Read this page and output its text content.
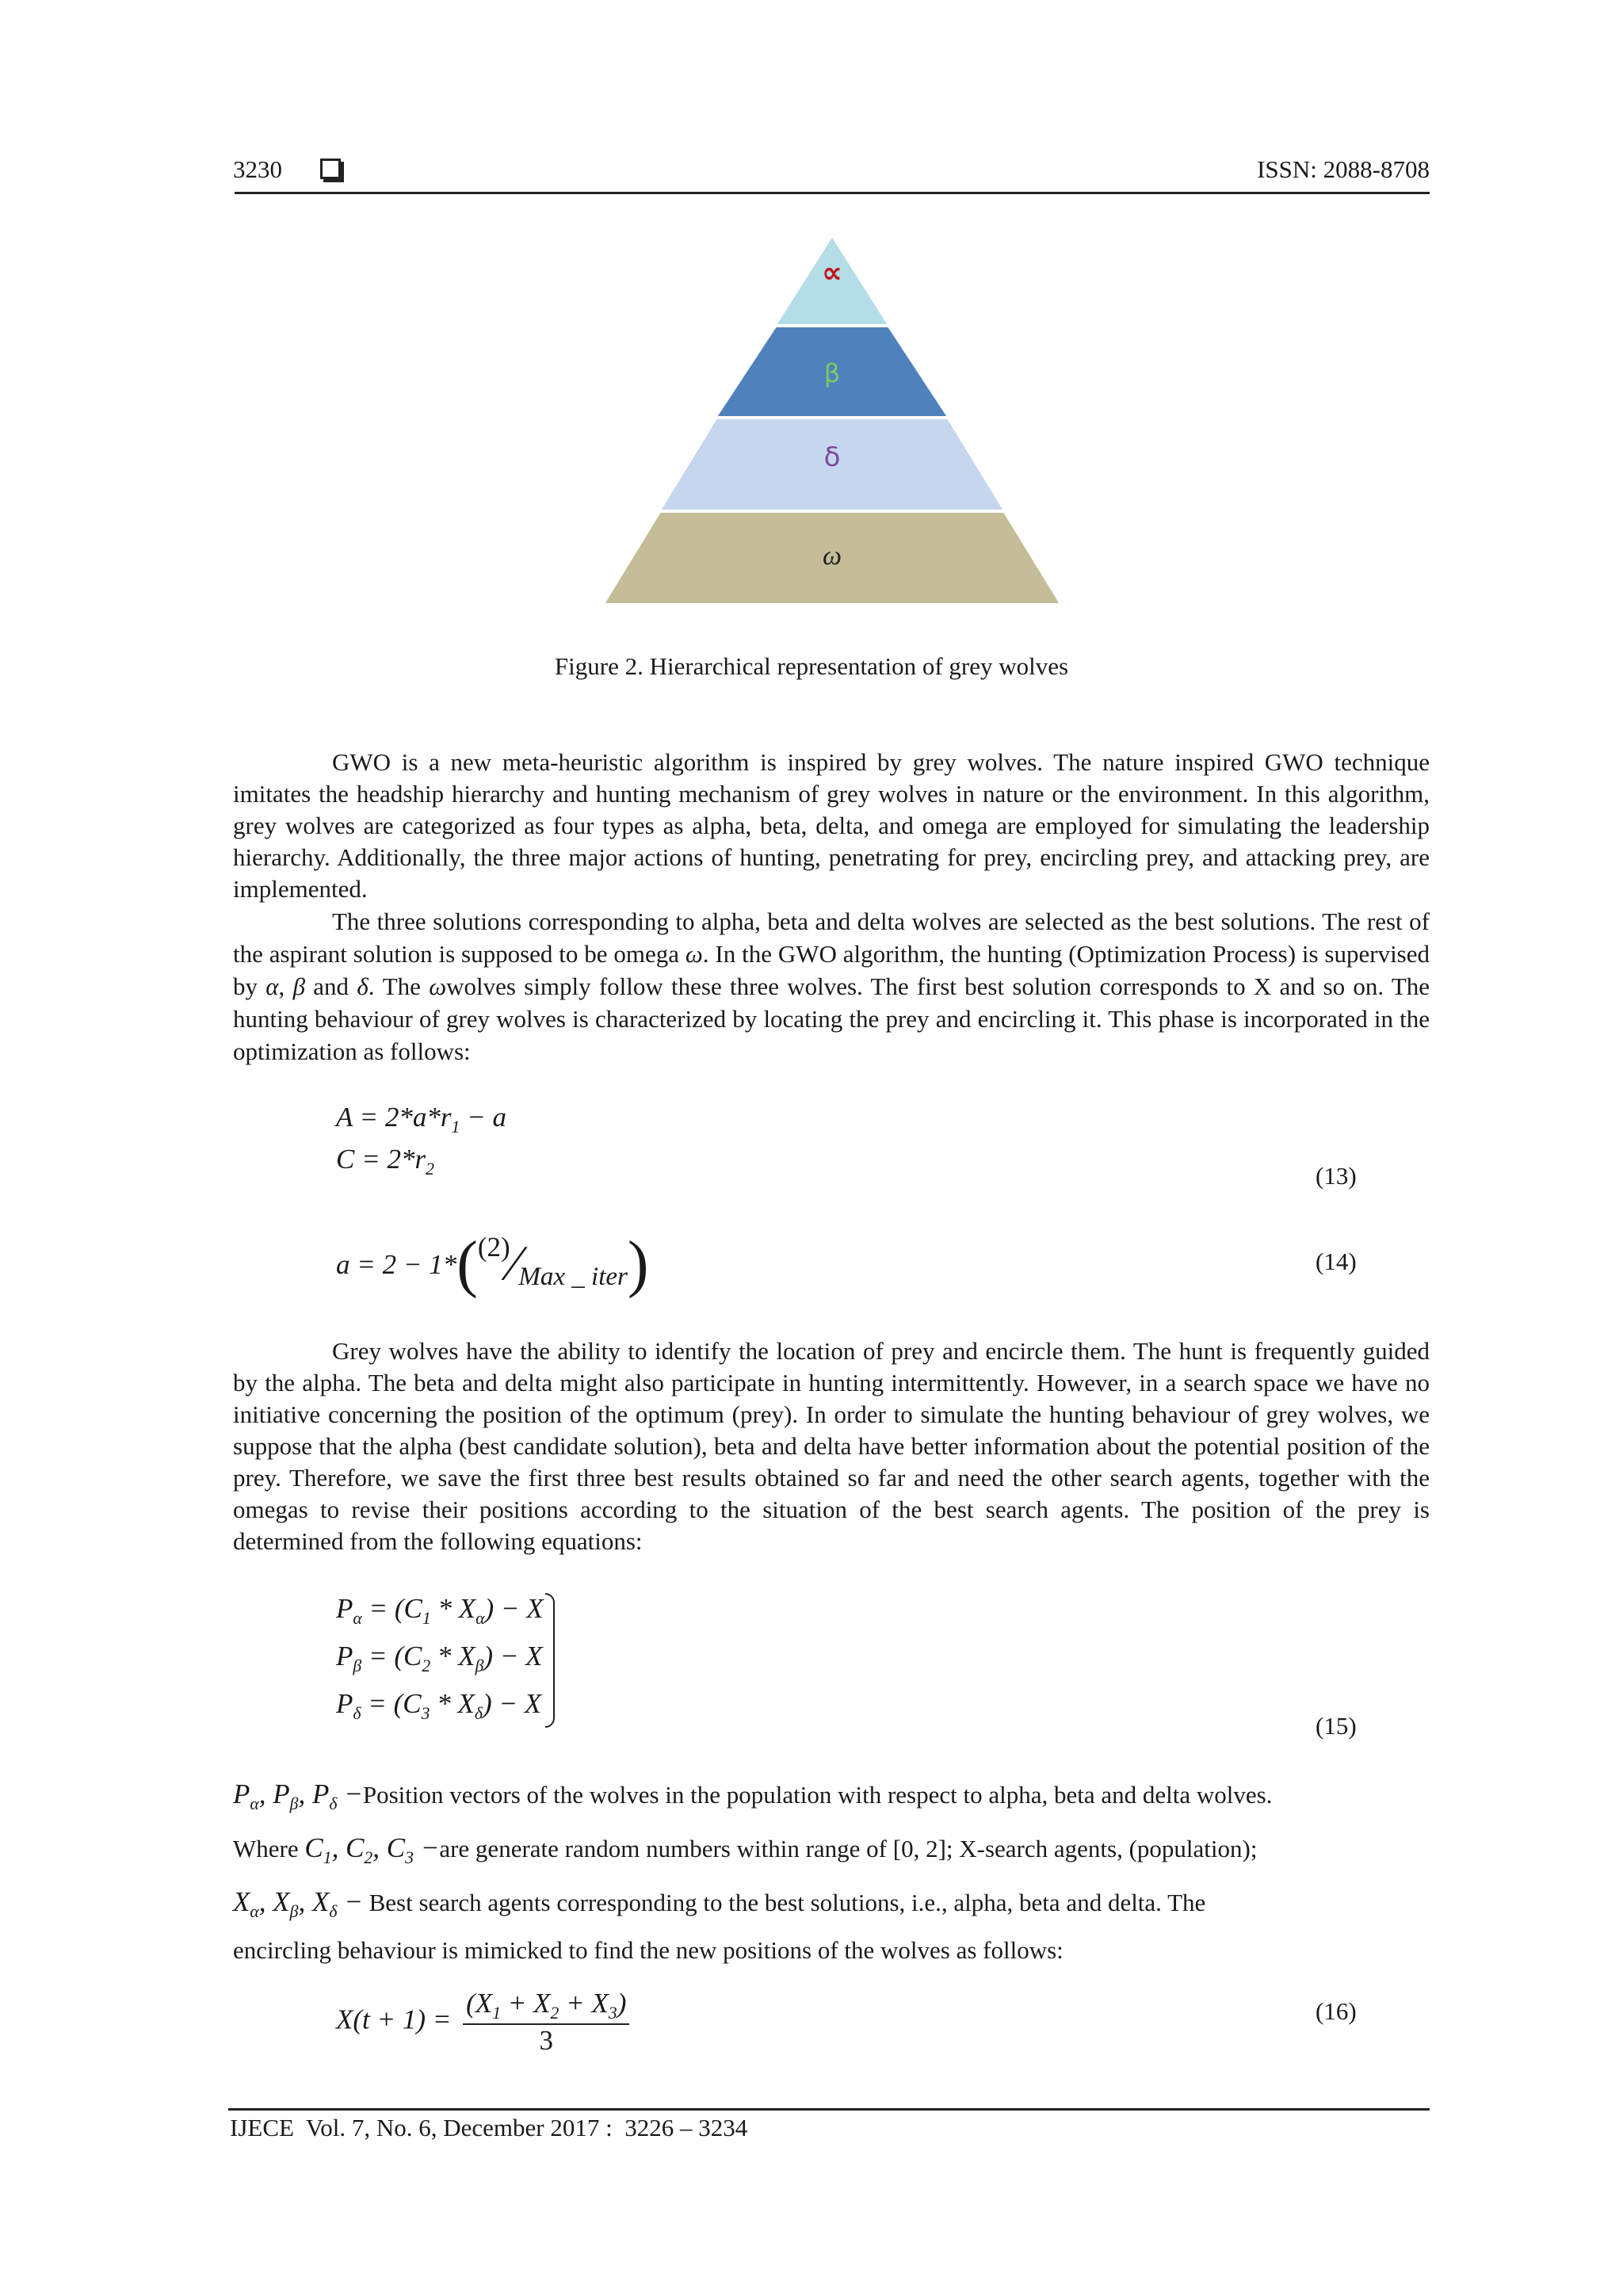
3230	ISSN: 2088-8708
∝
β
δ
ω
Figure 2. Hierarchical representation of grey wolves

GWO is a new meta-heuristic algorithm is inspired by grey wolves. The nature inspired GWO technique imitates the headship hierarchy and hunting mechanism of grey wolves in nature or the environment. In this algorithm, grey wolves are categorized as four types as alpha, beta, delta, and omega are employed for simulating the leadership hierarchy. Additionally, the three major actions of hunting, penetrating for prey, encircling prey, and attacking prey, are implemented.

The three solutions corresponding to alpha, beta and delta wolves are selected as the best solutions. The rest of the aspirant solution is supposed to be omega ω. In the GWO algorithm, the hunting (Optimization Process) is supervised by α, β and δ. The ωwolves simply follow these three wolves. The first best solution corresponds to X and so on. The hunting behaviour of grey wolves is characterized by locating the prey and encircling it. This phase is incorporated in the optimization as follows:

$A = 2*a*r_1 - a$
$C = 2*r_2$	(13)
a = 2 − 1*((2)⁄Max _ iter)	(14)

Grey wolves have the ability to identify the location of prey and encircle them. The hunt is frequently guided by the alpha. The beta and delta might also participate in hunting intermittently. However, in a search space we have no initiative concerning the position of the optimum (prey). In order to simulate the hunting behaviour of grey wolves, we suppose that the alpha (best candidate solution), beta and delta have better information about the potential position of the prey. Therefore, we save the first three best results obtained so far and need the other search agents, together with the omegas to revise their positions according to the situation of the best search agents. The position of the prey is determined from the following equations:

$P_\alpha = (C_1 * X_\alpha) - X$
$P_\beta = (C_2 * X_\beta) - X$
$P_\delta = (C_3 * X_\delta) - X$
(15)
$P_\alpha$, $P_\beta$, $P_\delta$ −Position vectors of the wolves in the population with respect to alpha, beta and delta wolves.
Where $C_1$, $C_2$, $C_3 -are$ generate random numbers within range of [0, 2]; X-search agents, (population);
$X_\alpha$, $X_\beta$, $X_\delta$ − Best search agents corresponding to the best solutions, i.e., alpha, beta and delta. The
encircling behaviour is mimicked to find the new positions of the wolves as follows:
$X(t + 1) = \frac{(X_1 + X_2 + X_3)}{3}$	(16)
IJECE  Vol. 7, No. 6, December 2017 :  3226 – 3234
